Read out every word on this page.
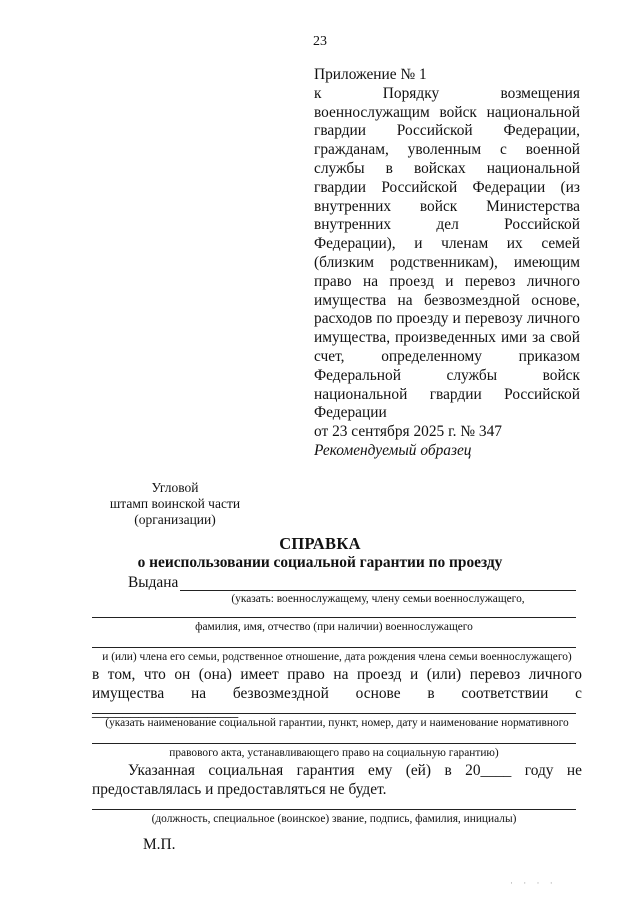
23
Приложение № 1
к Порядку возмещения военнослужащим войск национальной гвардии Российской Федерации, гражданам, уволенным с военной службы в войсках национальной гвардии Российской Федерации (из внутренних войск Министерства внутренних дел Российской Федерации), и членам их семей (близким родственникам), имеющим право на проезд и перевоз личного имущества на безвозмездной основе, расходов по проезду и перевозу личного имущества, произведенных ими за свой счет, определенному приказом Федеральной службы войск национальной гвардии Российской Федерации
от 23 сентября 2025 г. № 347
Рекомендуемый образец
Угловой
штамп воинской части
(организации)
СПРАВКА
о неиспользовании социальной гарантии по проезду
Выдана
(указать: военнослужащему, члену семьи военнослужащего,
фамилия, имя, отчество (при наличии) военнослужащего
и (или) члена его семьи, родственное отношение, дата рождения члена семьи военнослужащего)
в том, что он (она) имеет право на проезд и (или) перевоз личного имущества на безвозмездной основе в соответствии с ___________________
(указать наименование социальной гарантии, пункт, номер, дату и наименование нормативного
правового акта, устанавливающего право на социальную гарантию)
Указанная социальная гарантия ему (ей) в 20____ году не предоставлялась и предоставляться не будет.
(должность, специальное (воинское) звание, подпись, фамилия, инициалы)
М.П.
· · · ·
